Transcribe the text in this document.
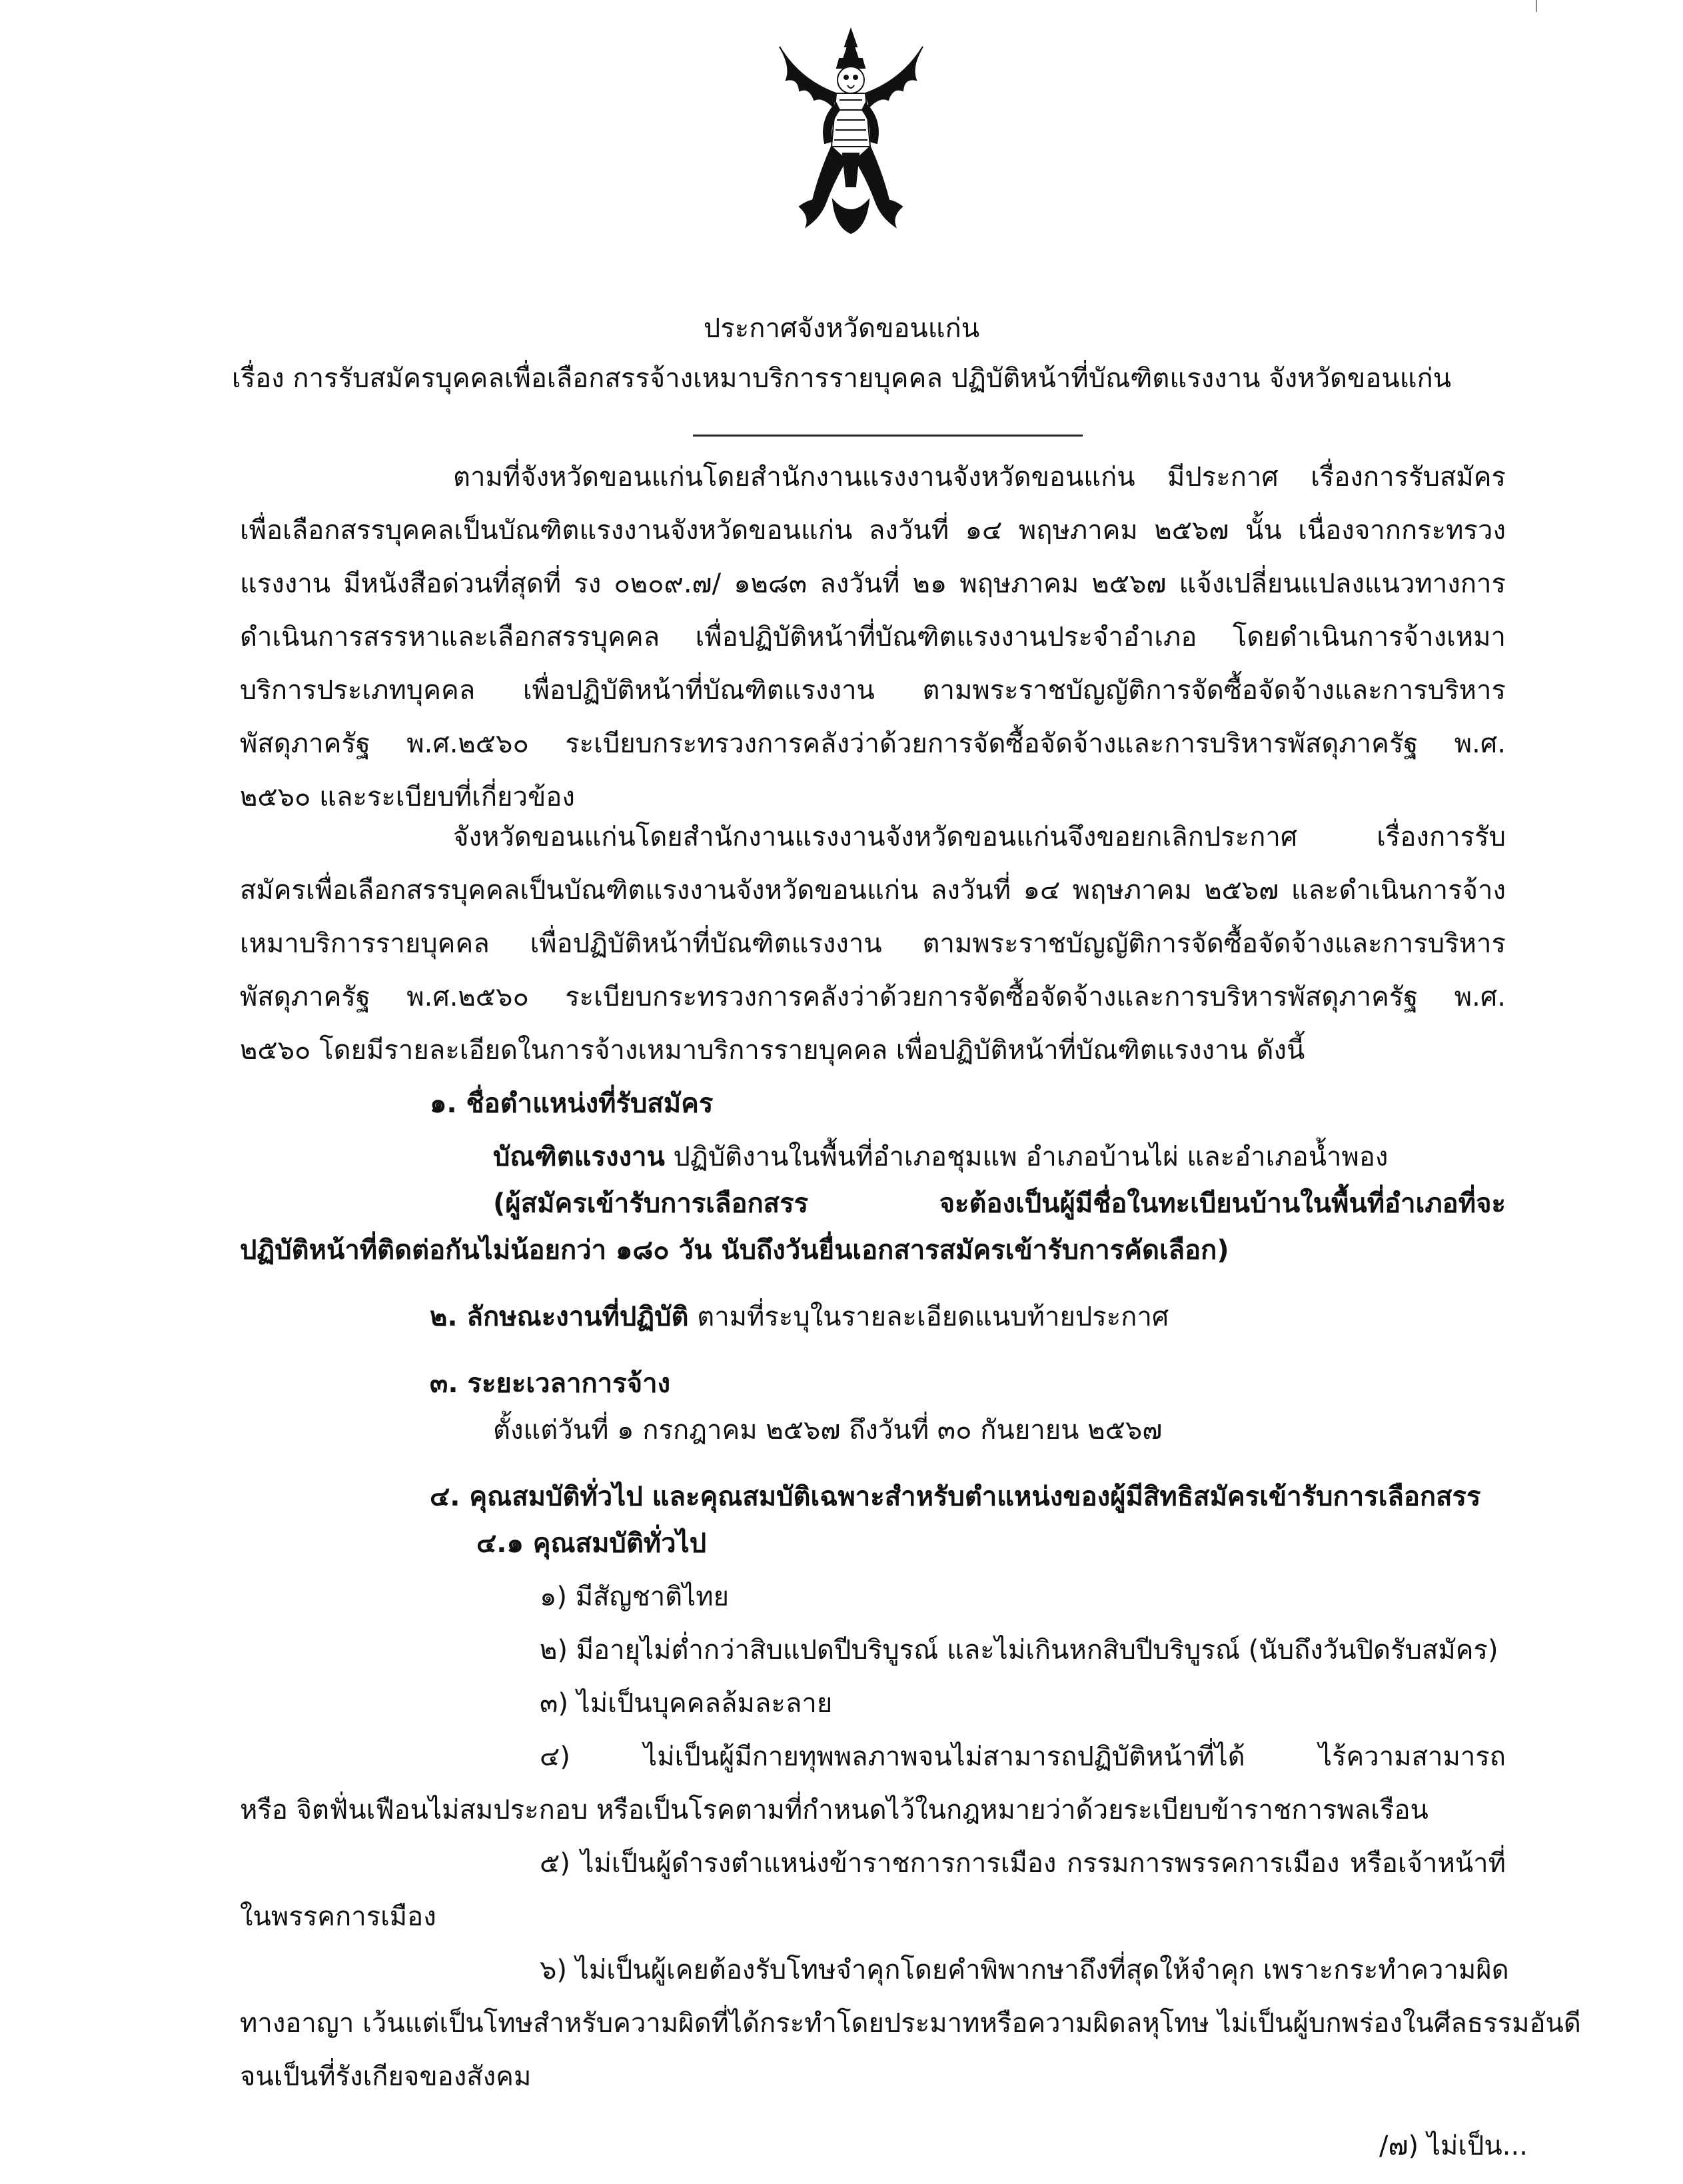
ประกาศจังหวัดขอนแก่น
เรื่อง การรับสมัครบุคคลเพื่อเลือกสรรจ้างเหมาบริการรายบุคคล ปฏิบัติหน้าที่บัณฑิตแรงงาน จังหวัดขอนแก่น
ตามที่จังหวัดขอนแก่นโดยสำนักงานแรงงานจังหวัดขอนแก่น มีประกาศ เรื่องการรับสมัคร
เพื่อเลือกสรรบุคคลเป็นบัณฑิตแรงงานจังหวัดขอนแก่น ลงวันที่ ๑๔ พฤษภาคม ๒๕๖๗ นั้น เนื่องจากกระทรวง
แรงงาน มีหนังสือด่วนที่สุดที่ รง ๐๒๐๙.๗/ ๑๒๘๓ ลงวันที่ ๒๑ พฤษภาคม ๒๕๖๗ แจ้งเปลี่ยนแปลงแนวทางการ
ดำเนินการสรรหาและเลือกสรรบุคคล เพื่อปฏิบัติหน้าที่บัณฑิตแรงงานประจำอำเภอ โดยดำเนินการจ้างเหมา
บริการประเภทบุคคล เพื่อปฏิบัติหน้าที่บัณฑิตแรงงาน ตามพระราชบัญญัติการจัดซื้อจัดจ้างและการบริหาร
พัสดุภาครัฐ พ.ศ.๒๕๖๐ ระเบียบกระทรวงการคลังว่าด้วยการจัดซื้อจัดจ้างและการบริหารพัสดุภาครัฐ พ.ศ.
๒๕๖๐ และระเบียบที่เกี่ยวข้อง
จังหวัดขอนแก่นโดยสำนักงานแรงงานจังหวัดขอนแก่นจึงขอยกเลิกประกาศ เรื่องการรับ
สมัครเพื่อเลือกสรรบุคคลเป็นบัณฑิตแรงงานจังหวัดขอนแก่น ลงวันที่ ๑๔ พฤษภาคม ๒๕๖๗ และดำเนินการจ้าง
เหมาบริการรายบุคคล เพื่อปฏิบัติหน้าที่บัณฑิตแรงงาน ตามพระราชบัญญัติการจัดซื้อจัดจ้างและการบริหาร
พัสดุภาครัฐ พ.ศ.๒๕๖๐ ระเบียบกระทรวงการคลังว่าด้วยการจัดซื้อจัดจ้างและการบริหารพัสดุภาครัฐ พ.ศ.
๒๕๖๐ โดยมีรายละเอียดในการจ้างเหมาบริการรายบุคคล เพื่อปฏิบัติหน้าที่บัณฑิตแรงงาน ดังนี้
๑. ชื่อตำแหน่งที่รับสมัคร
บัณฑิตแรงงาน ปฏิบัติงานในพื้นที่อำเภอชุมแพ อำเภอบ้านไผ่ และอำเภอน้ำพอง
(ผู้สมัครเข้ารับการเลือกสรร จะต้องเป็นผู้มีชื่อในทะเบียนบ้านในพื้นที่อำเภอที่จะ
ปฏิบัติหน้าที่ติดต่อกันไม่น้อยกว่า ๑๘๐ วัน นับถึงวันยื่นเอกสารสมัครเข้ารับการคัดเลือก)
๒. ลักษณะงานที่ปฏิบัติ ตามที่ระบุในรายละเอียดแนบท้ายประกาศ
๓. ระยะเวลาการจ้าง
ตั้งแต่วันที่ ๑ กรกฎาคม ๒๕๖๗ ถึงวันที่ ๓๐ กันยายน ๒๕๖๗
๔. คุณสมบัติทั่วไป และคุณสมบัติเฉพาะสำหรับตำแหน่งของผู้มีสิทธิสมัครเข้ารับการเลือกสรร
๔.๑ คุณสมบัติทั่วไป
๑) มีสัญชาติไทย
๒) มีอายุไม่ต่ำกว่าสิบแปดปีบริบูรณ์ และไม่เกินหกสิบปีบริบูรณ์ (นับถึงวันปิดรับสมัคร)
๓) ไม่เป็นบุคคลล้มละลาย
๔) ไม่เป็นผู้มีกายทุพพลภาพจนไม่สามารถปฏิบัติหน้าที่ได้ ไร้ความสามารถ
หรือ จิตฟั่นเฟือนไม่สมประกอบ หรือเป็นโรคตามที่กำหนดไว้ในกฎหมายว่าด้วยระเบียบข้าราชการพลเรือน
๕) ไม่เป็นผู้ดำรงตำแหน่งข้าราชการการเมือง กรรมการพรรคการเมือง หรือเจ้าหน้าที่
ในพรรคการเมือง
๖) ไม่เป็นผู้เคยต้องรับโทษจำคุกโดยคำพิพากษาถึงที่สุดให้จำคุก เพราะกระทำความผิด
ทางอาญา เว้นแต่เป็นโทษสำหรับความผิดที่ได้กระทำโดยประมาทหรือความผิดลหุโทษ ไม่เป็นผู้บกพร่องในศีลธรรมอันดี
จนเป็นที่รังเกียจของสังคม
/๗) ไม่เป็น...
